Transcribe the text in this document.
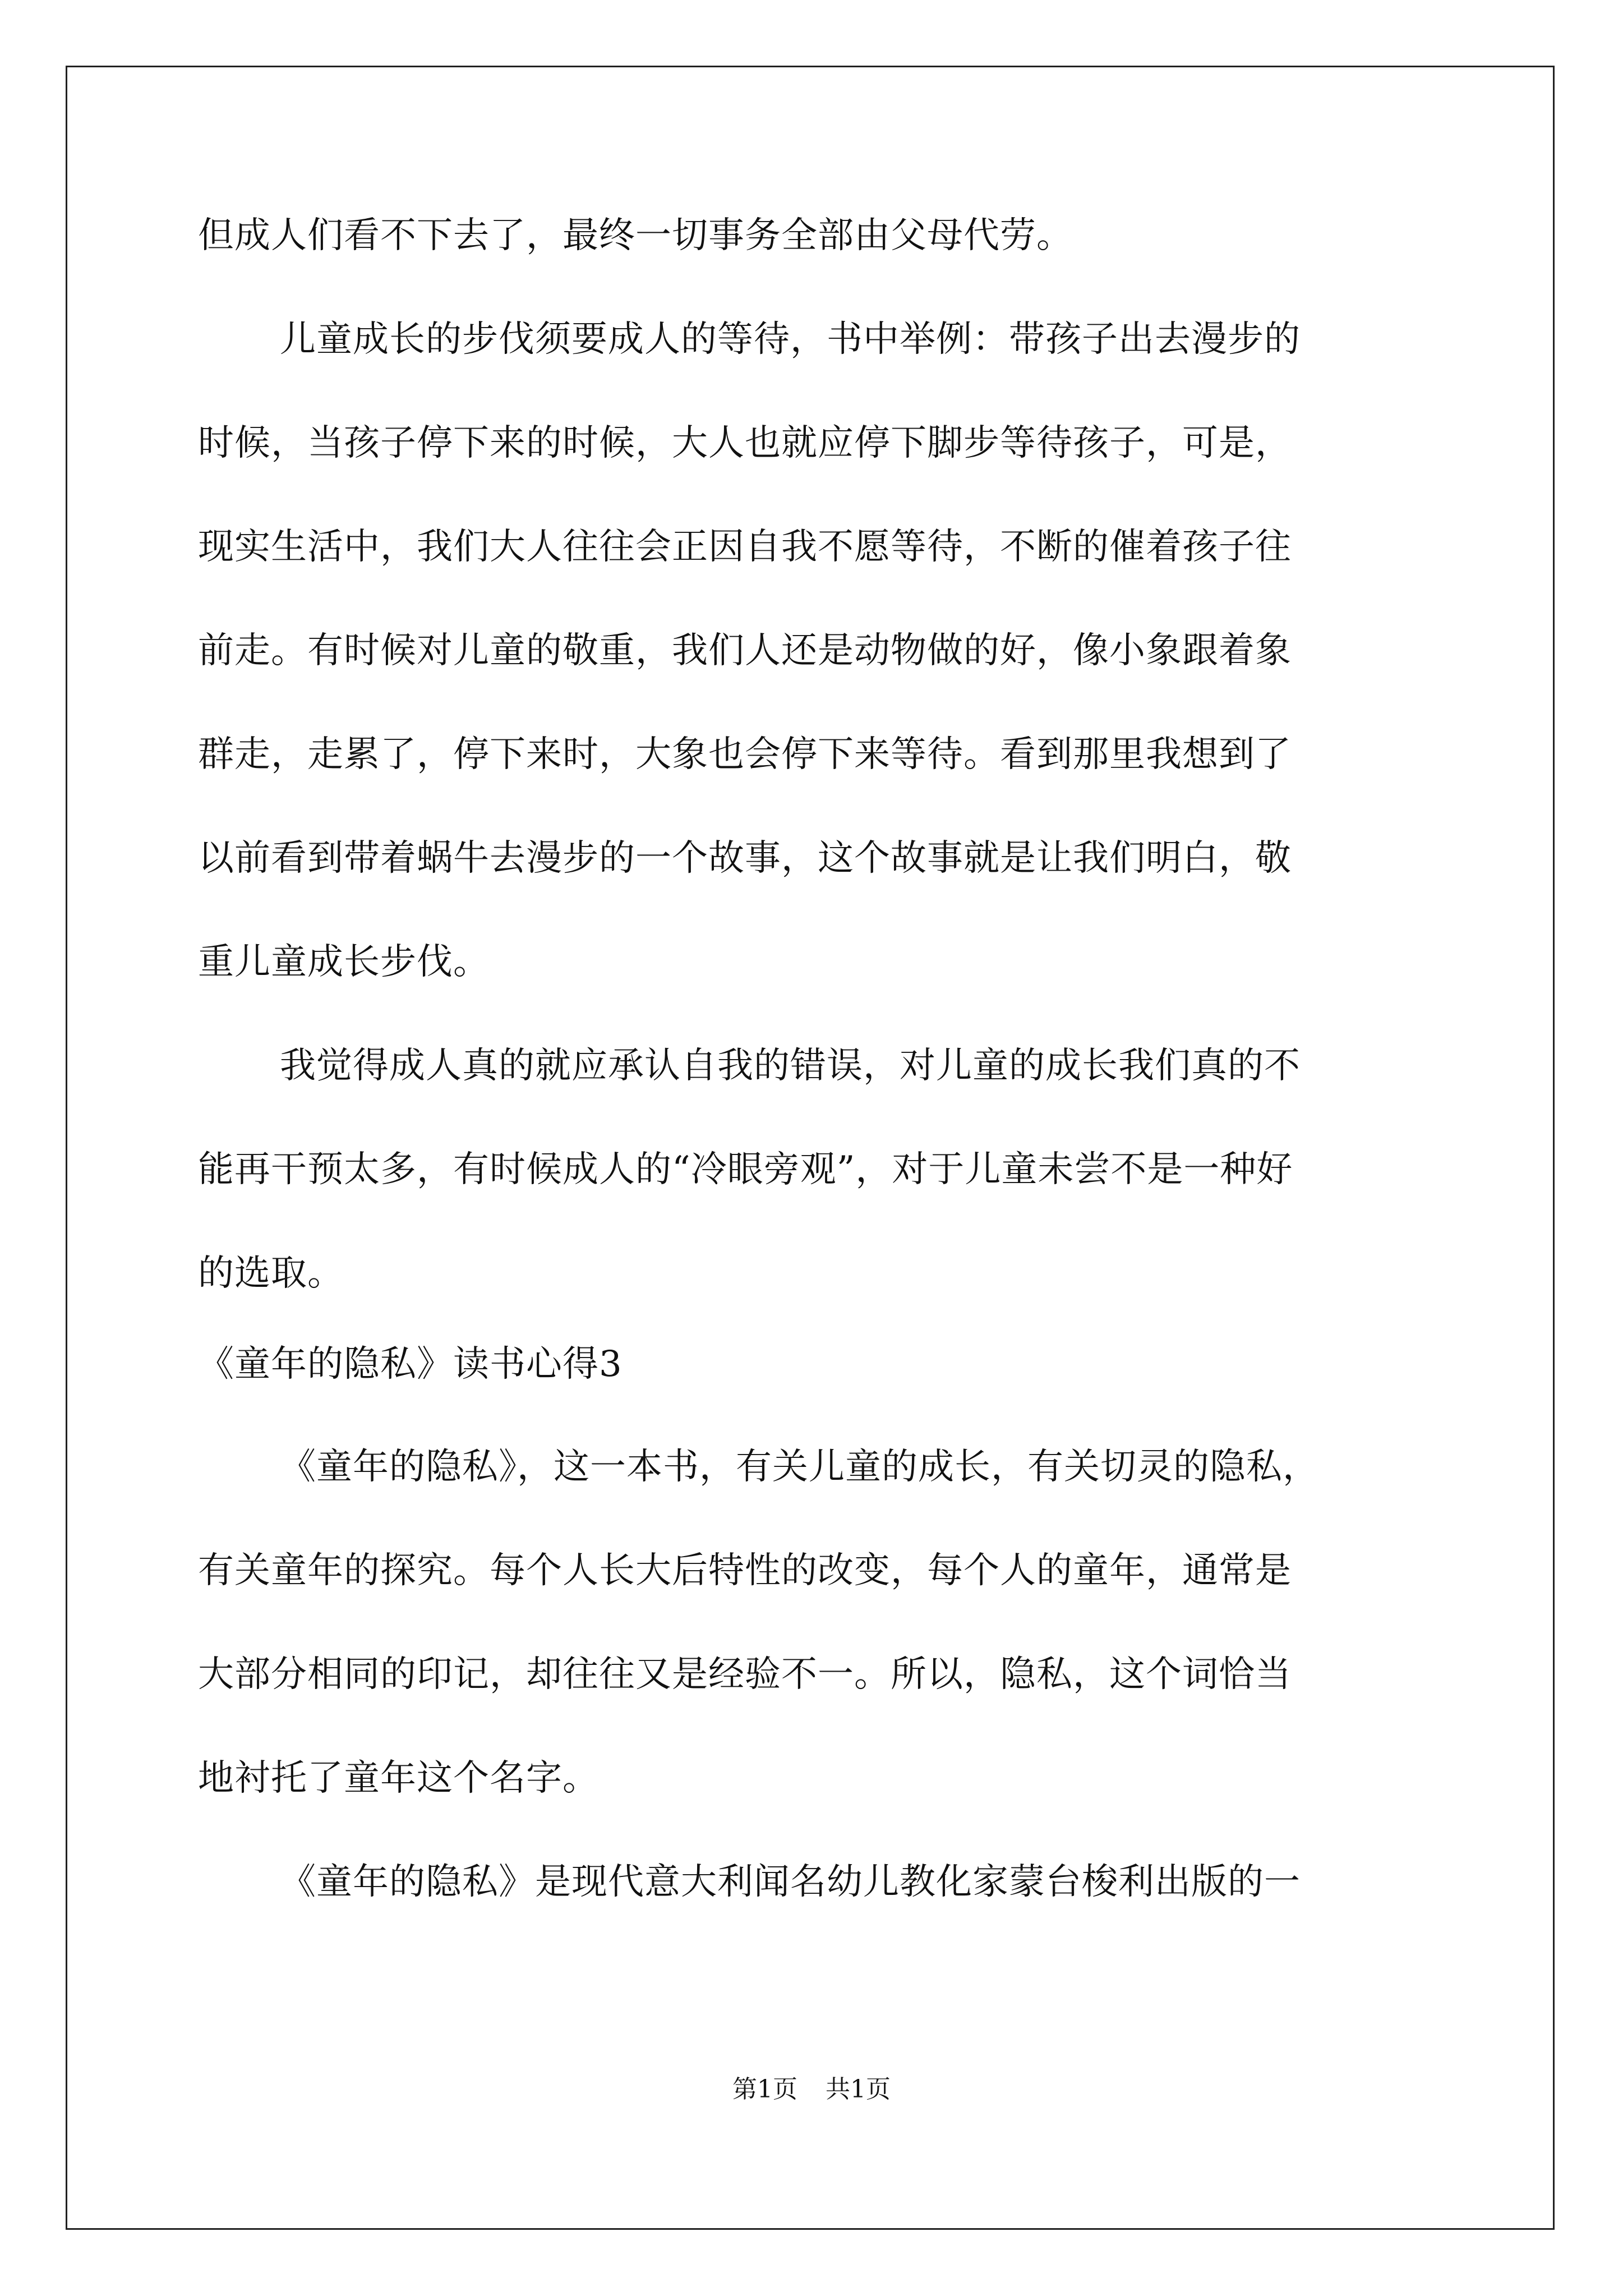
但成人们看不下去了，最终一切事务全部由父母代劳。
儿童成长的步伐须要成人的等待，书中举例：带孩子出去漫步的
时候，当孩子停下来的时候，大人也就应停下脚步等待孩子，可是，
现实生活中，我们大人往往会正因自我不愿等待，不断的催着孩子往
前走。有时候对儿童的敬重，我们人还是动物做的好，像小象跟着象
群走，走累了，停下来时，大象也会停下来等待。看到那里我想到了
以前看到带着蜗牛去漫步的一个故事，这个故事就是让我们明白，敬
重儿童成长步伐。
我觉得成人真的就应承认自我的错误，对儿童的成长我们真的不
能再干预太多，有时候成人的“冷眼旁观”，对于儿童未尝不是一种好
的选取。
《童年的隐私》读书心得3
《童年的隐私》，这一本书，有关儿童的成长，有关切灵的隐私，
有关童年的探究。每个人长大后特性的改变，每个人的童年，通常是
大部分相同的印记，却往往又是经验不一。所以，隐私，这个词恰当
地衬托了童年这个名字。
《童年的隐私》是现代意大利闻名幼儿教化家蒙台梭利出版的一
第1页 共1页
